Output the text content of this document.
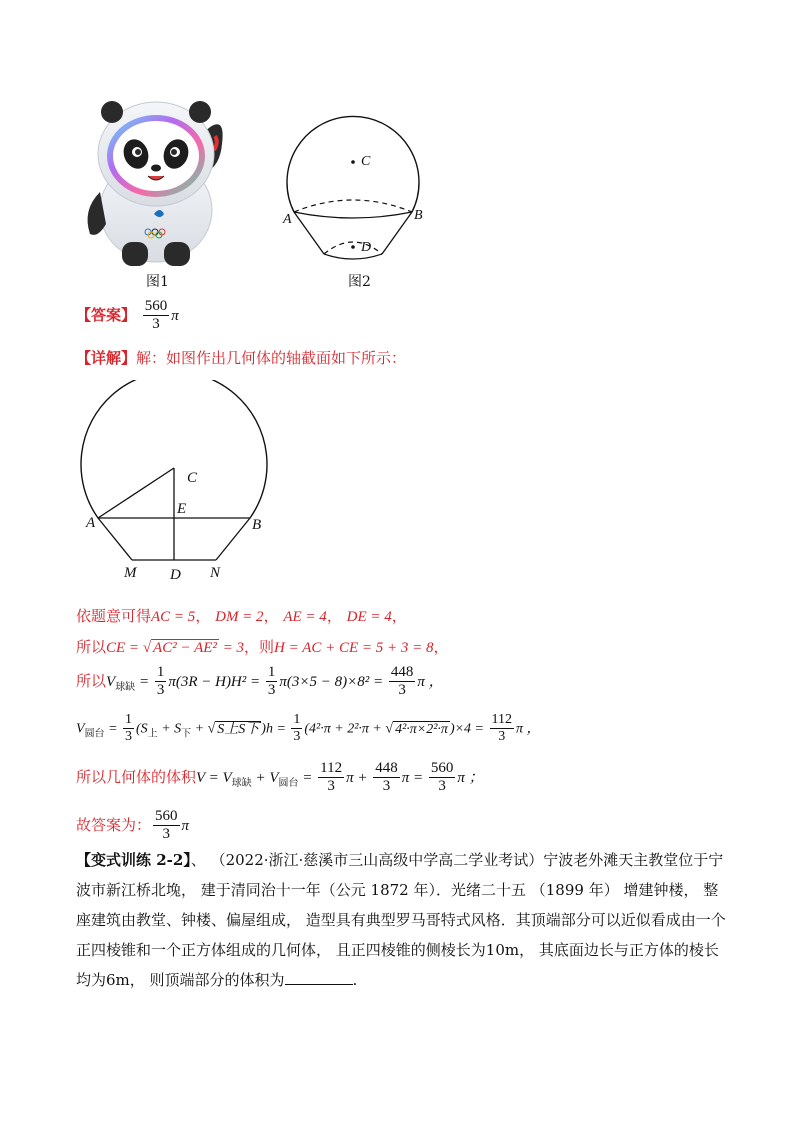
图1
C
A	B
D
图2
【答案】 $\frac{560}{3}$ π
【详解】解：如图作出几何体的轴截面如下所示：
C
E
A	B
M D N
依题意可得AC = 5， DM = 2， AE = 4， DE = 4，
所以CE = √ AC² − AE² = 3，则H = AC + CE = 5 + 3 = 8，
所以$V_{球缺} = \frac{1}{3} \pi(3R - H)H^2 = \frac{1}{3} \pi(3\times 5 - 8)\times 8^2 = \frac{448}{3}$ π ，
$V_{圆台} = \frac{1}{3} (S_上 + S_下$ + √ S上S下 )$h = \frac{1}{3} (4^2\cdot\pi + 2^2\cdot\pi$ + √ 4²·π×2²·π )$\times 4 = \frac{112}{3}$ π ，
所以几何体的体积$V = V_{球缺} + V_{圆台} = \frac{112}{3}$ $\pi + \frac{448}{3}$ $\pi = \frac{560}{3}$ π ；
故答案为： $\frac{560}{3}$ π
【变式训练 2-2】、 （2022·浙江·慈溪市三山高级中学高二学业考试）宁波老外滩天主教堂位于宁波市新江桥北堍， 建于清同治十一年（公元 1872 年）．光绪二十五 （1899 年） 增建钟楼， 整座建筑由教堂、钟楼、偏屋组成， 造型具有典型罗马哥特式风格．其顶端部分可以近似看成由一个正四棱锥和一个正方体组成的几何体， 且正四棱锥的侧棱长为10m， 其底面边长与正方体的棱长均为6m， 则顶端部分的体积为	.
